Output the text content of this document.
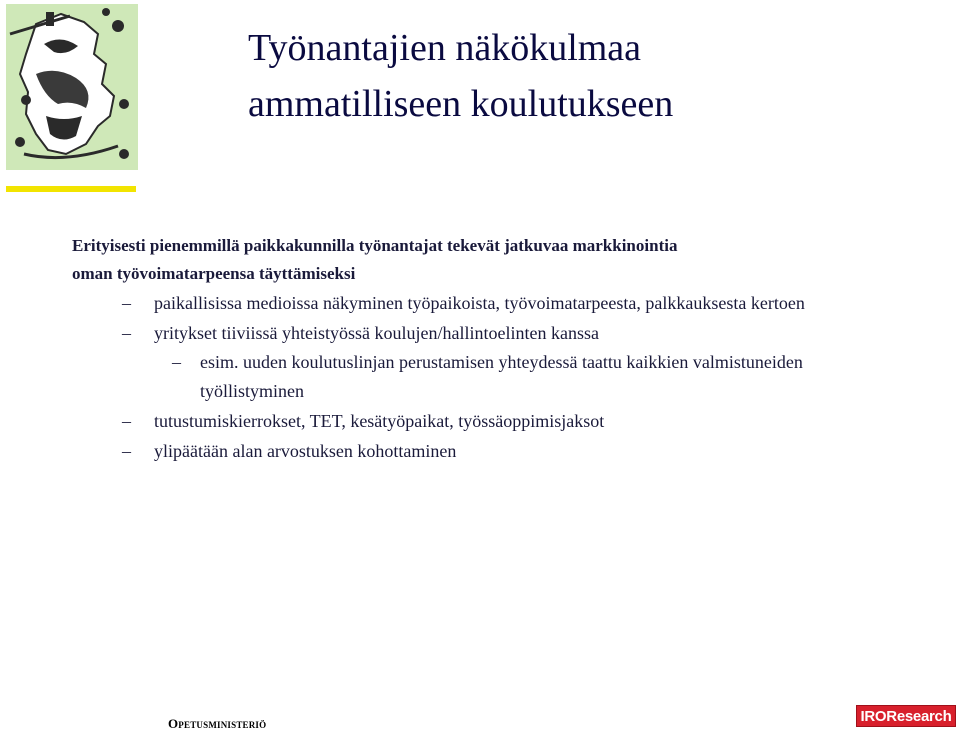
Työnantajien näkökulmaa
ammatilliseen koulutukseen
Erityisesti pienemmillä paikkakunnilla työnantajat tekevät jatkuvaa markkinointia
oman työvoimatarpeensa täyttämiseksi
–	paikallisissa medioissa näkyminen työpaikoista, työvoimatarpeesta, palkkauksesta kertoen
–	yritykset tiiviissä yhteistyössä koulujen/hallintoelinten kanssa
–	esim. uuden koulutuslinjan perustamisen yhteydessä taattu kaikkien valmistuneiden työllistyminen
–	tutustumiskierrokset, TET, kesätyöpaikat, työssäoppimisjaksot
–	ylipäätään alan arvostuksen kohottaminen
Opetusministeriö	IROResearch
